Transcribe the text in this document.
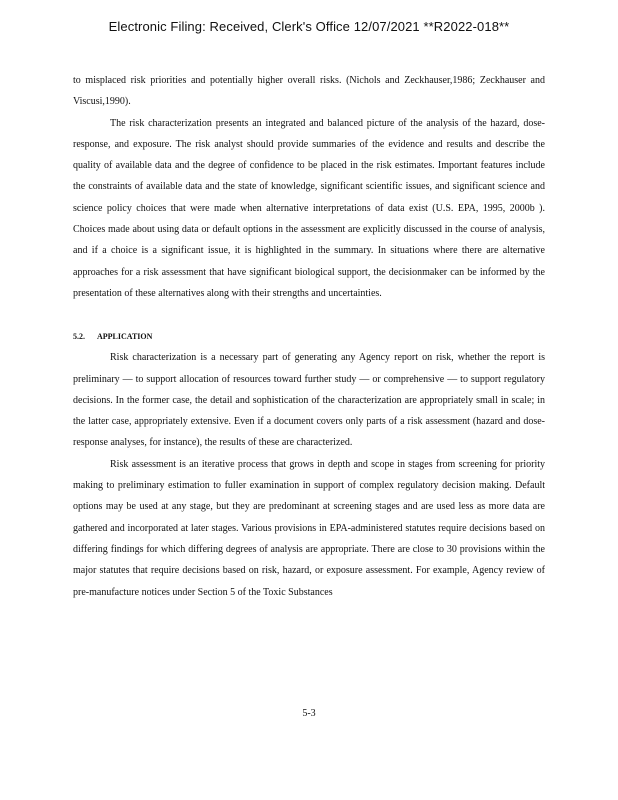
Electronic Filing: Received, Clerk's Office 12/07/2021 **R2022-018**

to misplaced risk priorities and potentially higher overall risks. (Nichols and Zeckhauser,1986; Zeckhauser and Viscusi,1990).

The risk characterization presents an integrated and balanced picture of the analysis of the hazard, dose-response, and exposure. The risk analyst should provide summaries of the evidence and results and describe the quality of available data and the degree of confidence to be placed in the risk estimates. Important features include the constraints of available data and the state of knowledge, significant scientific issues, and significant science and science policy choices that were made when alternative interpretations of data exist (U.S. EPA, 1995, 2000b ). Choices made about using data or default options in the assessment are explicitly discussed in the course of analysis, and if a choice is a significant issue, it is highlighted in the summary. In situations where there are alternative approaches for a risk assessment that have significant biological support, the decisionmaker can be informed by the presentation of these alternatives along with their strengths and uncertainties.

5.2. APPLICATION

Risk characterization is a necessary part of generating any Agency report on risk, whether the report is preliminary — to support allocation of resources toward further study — or comprehensive — to support regulatory decisions. In the former case, the detail and sophistication of the characterization are appropriately small in scale; in the latter case, appropriately extensive. Even if a document covers only parts of a risk assessment (hazard and dose-response analyses, for instance), the results of these are characterized.

Risk assessment is an iterative process that grows in depth and scope in stages from screening for priority making to preliminary estimation to fuller examination in support of complex regulatory decision making. Default options may be used at any stage, but they are predominant at screening stages and are used less as more data are gathered and incorporated at later stages. Various provisions in EPA-administered statutes require decisions based on differing findings for which differing degrees of analysis are appropriate. There are close to 30 provisions within the major statutes that require decisions based on risk, hazard, or exposure assessment. For example, Agency review of pre-manufacture notices under Section 5 of the Toxic Substances

5-3
